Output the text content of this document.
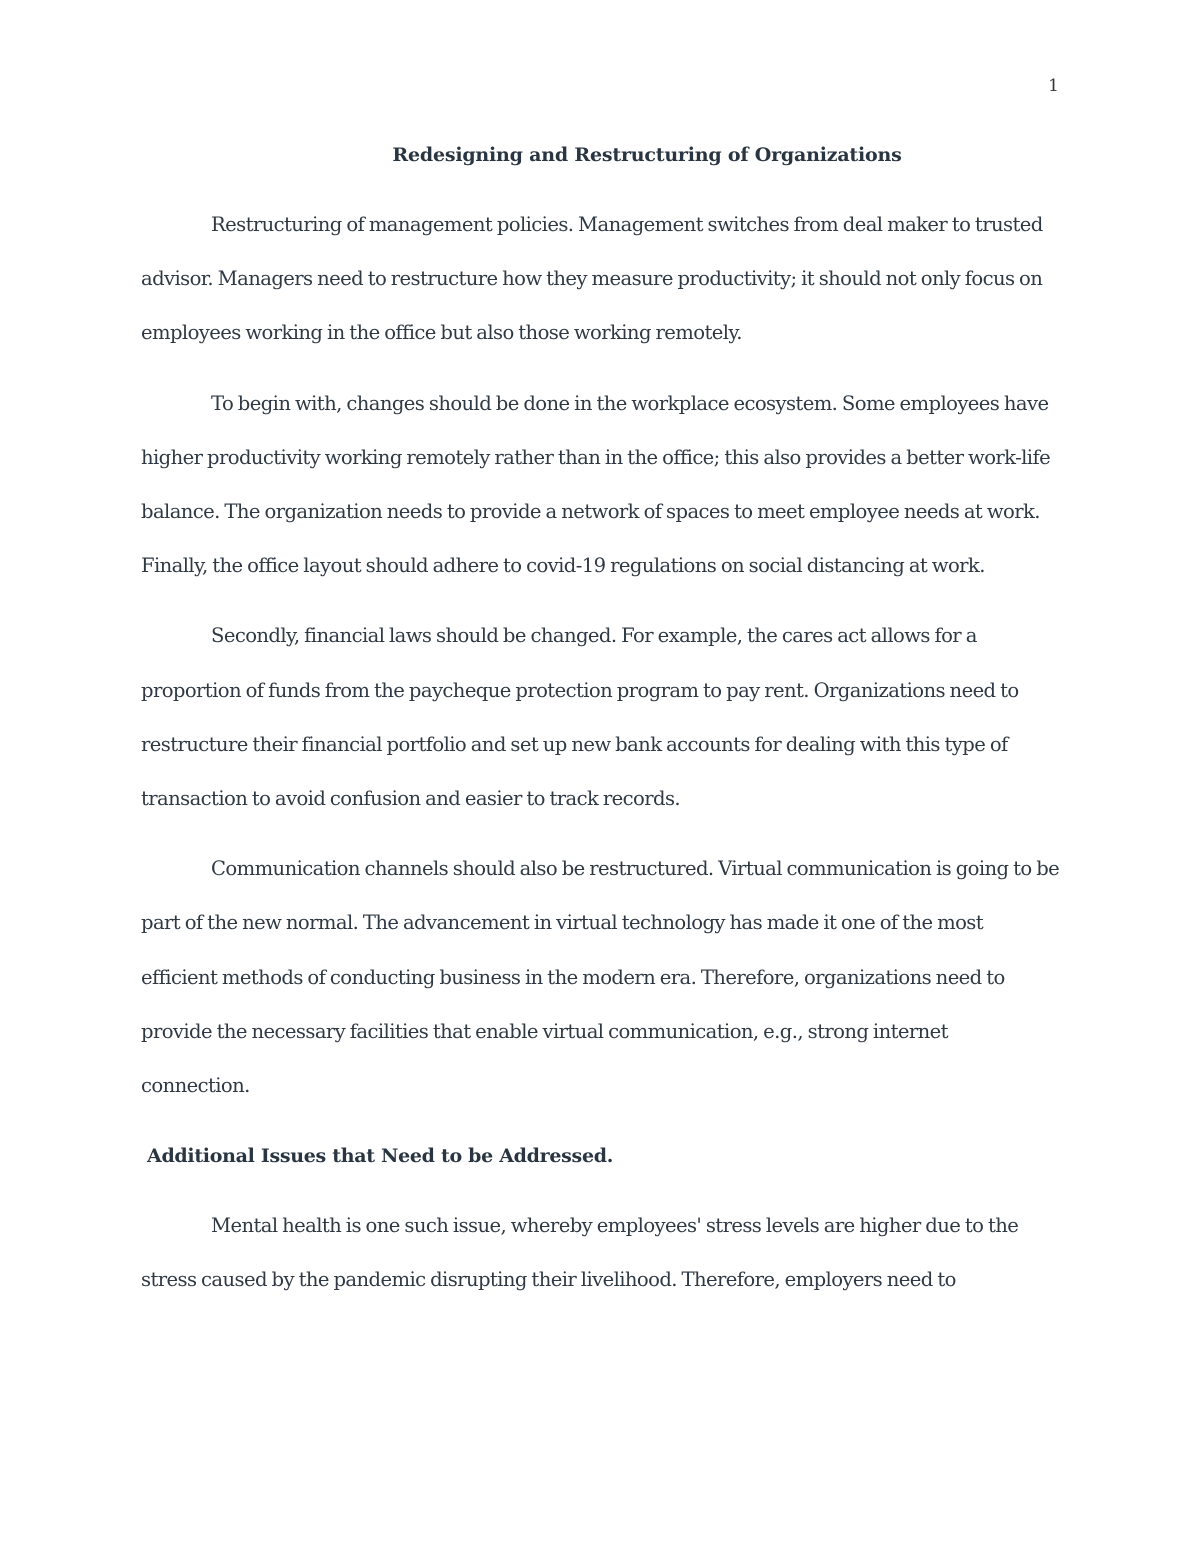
1
Redesigning and Restructuring of Organizations

Restructuring of management policies. Management switches from deal maker to trusted advisor. Managers need to restructure how they measure productivity; it should not only focus on employees working in the office but also those working remotely.

To begin with, changes should be done in the workplace ecosystem. Some employees have higher productivity working remotely rather than in the office; this also provides a better work-life balance. The organization needs to provide a network of spaces to meet employee needs at work. Finally, the office layout should adhere to covid-19 regulations on social distancing at work.

Secondly, financial laws should be changed. For example, the cares act allows for a proportion of funds from the paycheque protection program to pay rent. Organizations need to restructure their financial portfolio and set up new bank accounts for dealing with this type of transaction to avoid confusion and easier to track records.

Communication channels should also be restructured. Virtual communication is going to be part of the new normal. The advancement in virtual technology has made it one of the most efficient methods of conducting business in the modern era. Therefore, organizations need to provide the necessary facilities that enable virtual communication, e.g., strong internet connection.

Additional Issues that Need to be Addressed.

Mental health is one such issue, whereby employees' stress levels are higher due to the stress caused by the pandemic disrupting their livelihood. Therefore, employers need to
